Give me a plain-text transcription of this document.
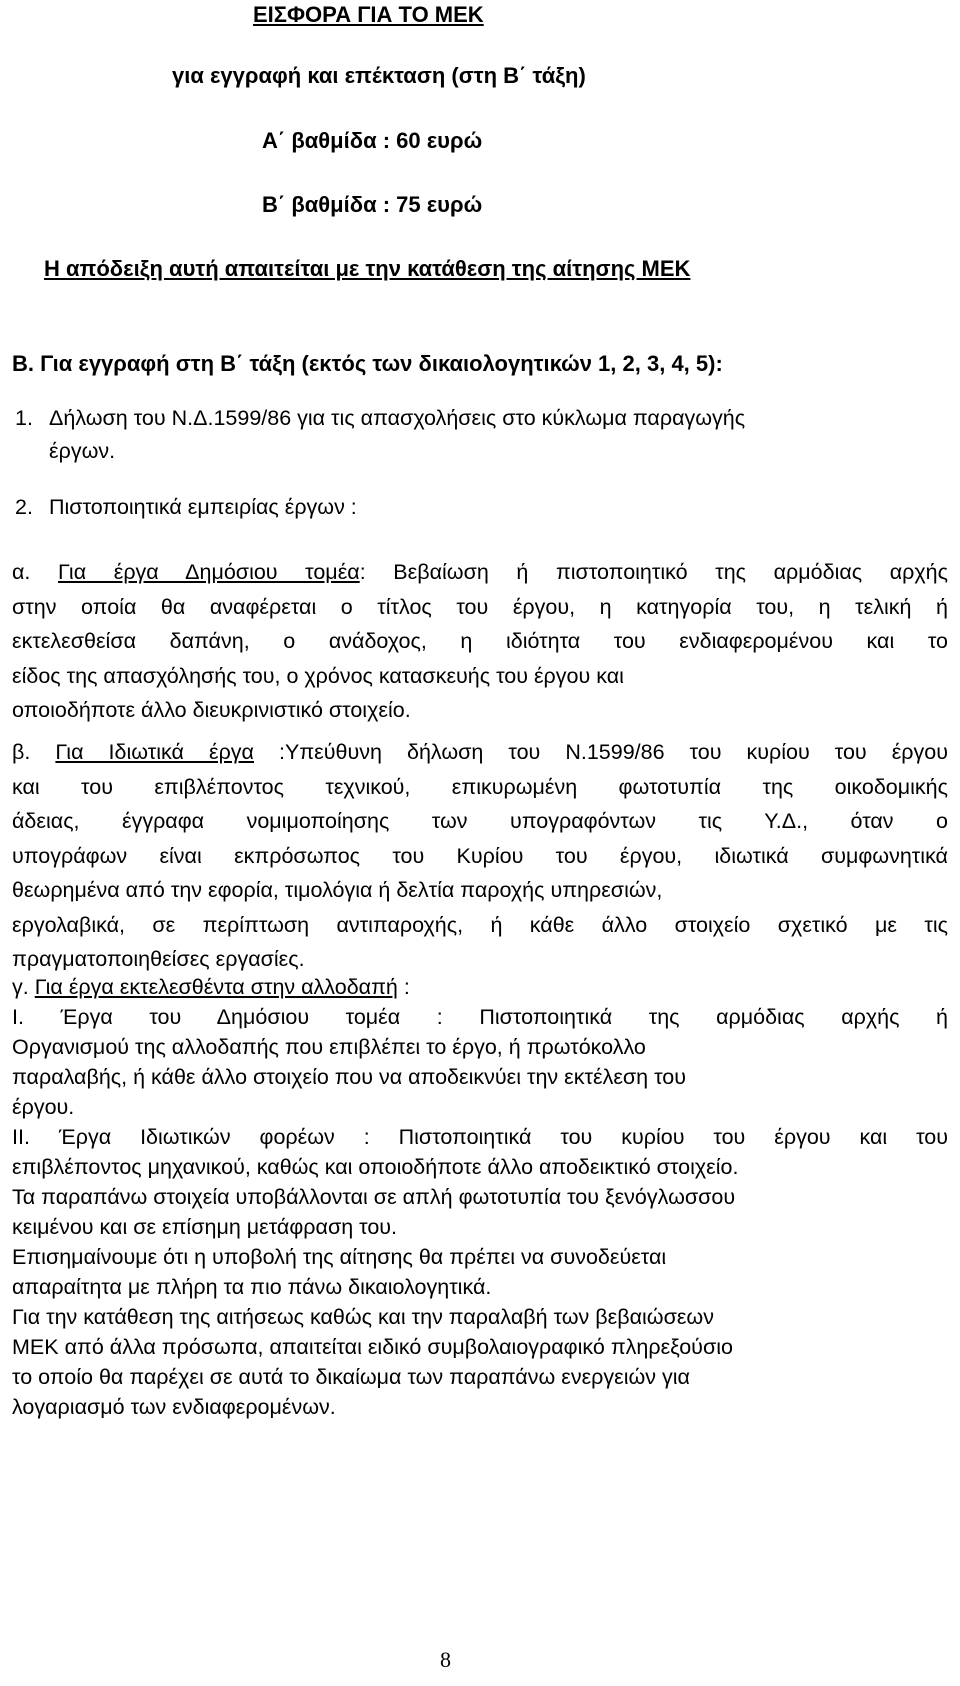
ΕΙΣΦΟΡΑ ΓΙΑ ΤΟ ΜΕΚ
για εγγραφή και επέκταση (στη Β΄ τάξη)
Α΄ βαθμίδα : 60 ευρώ
Β΄ βαθμίδα : 75 ευρώ
Η απόδειξη αυτή απαιτείται με την κατάθεση της αίτησης ΜΕΚ
Β. Για εγγραφή στη Β΄ τάξη (εκτός των δικαιολογητικών 1, 2, 3, 4, 5):
1. Δήλωση του Ν.Δ.1599/86 για τις απασχολήσεις στο κύκλωμα παραγωγής
έργων.
2. Πιστοποιητικά εμπειρίας έργων :
α. Για έργα Δημόσιου τομέα: Βεβαίωση ή πιστοποιητικό της αρμόδιας αρχής
στην οποία θα αναφέρεται ο τίτλος του έργου, η κατηγορία του, η τελική ή
εκτελεσθείσα δαπάνη, ο ανάδοχος, η ιδιότητα του ενδιαφερομένου και το
είδος της απασχόλησής του, ο χρόνος κατασκευής του έργου και
οποιοδήποτε άλλο διευκρινιστικό στοιχείο.
β. Για Ιδιωτικά έργα :Υπεύθυνη δήλωση του Ν.1599/86 του κυρίου του έργου
και του επιβλέποντος τεχνικού, επικυρωμένη φωτοτυπία της οικοδομικής
άδειας, έγγραφα νομιμοποίησης των υπογραφόντων τις Υ.Δ., όταν ο
υπογράφων είναι εκπρόσωπος του Κυρίου του έργου, ιδιωτικά συμφωνητικά
θεωρημένα από την εφορία, τιμολόγια ή δελτία παροχής υπηρεσιών,
εργολαβικά, σε περίπτωση αντιπαροχής, ή κάθε άλλο στοιχείο σχετικό με τις
πραγματοποιηθείσες εργασίες.
γ. Για έργα εκτελεσθέντα στην αλλοδαπή :
Ι. Έργα του Δημόσιου τομέα : Πιστοποιητικά της αρμόδιας αρχής ή
Οργανισμού της αλλοδαπής που επιβλέπει το έργο, ή πρωτόκολλο
παραλαβής, ή κάθε άλλο στοιχείο που να αποδεικνύει την εκτέλεση του
έργου.
ΙΙ. Έργα Ιδιωτικών φορέων : Πιστοποιητικά του κυρίου του έργου και του
επιβλέποντος μηχανικού, καθώς και οποιοδήποτε άλλο αποδεικτικό στοιχείο.
Τα παραπάνω στοιχεία υποβάλλονται σε απλή φωτοτυπία του ξενόγλωσσου
κειμένου και σε επίσημη μετάφραση του.
Επισημαίνουμε ότι η υποβολή της αίτησης θα πρέπει να συνοδεύεται
απαραίτητα με πλήρη τα πιο πάνω δικαιολογητικά.
Για την κατάθεση της αιτήσεως καθώς και την παραλαβή των βεβαιώσεων
ΜΕΚ από άλλα πρόσωπα, απαιτείται ειδικό συμβολαιογραφικό πληρεξούσιο
το οποίο θα παρέχει σε αυτά το δικαίωμα των παραπάνω ενεργειών για
λογαριασμό των ενδιαφερομένων.
8
